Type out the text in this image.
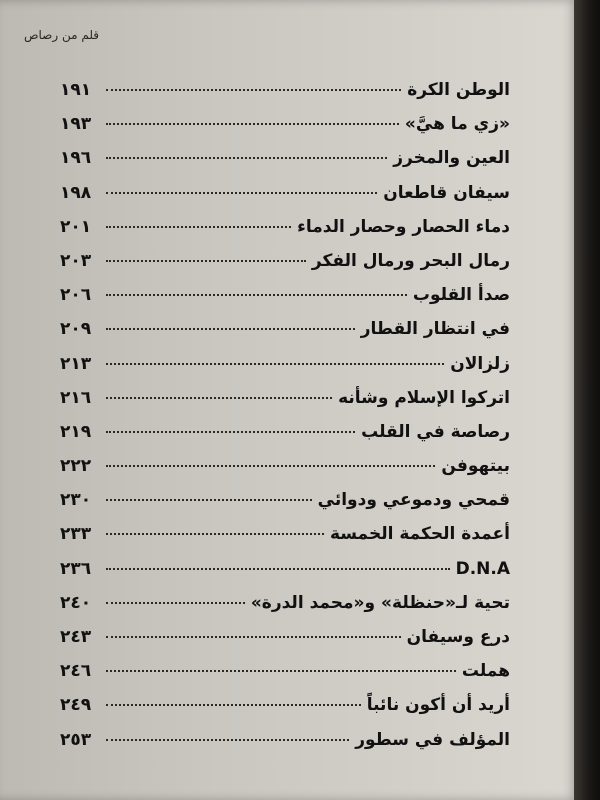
قلم من رصاص
الوطن الكرة
١٩١
«زي ما هيَّ»
١٩٣
العين والمخرز
١٩٦
سيفان قاطعان
١٩٨
دماء الحصار وحصار الدماء
٢٠١
رمال البحر ورمال الفكر
٢٠٣
صدأ القلوب
٢٠٦
في انتظار القطار
٢٠٩
زلزالان
٢١٣
اتركوا الإسلام وشأنه
٢١٦
رصاصة في القلب
٢١٩
بيتهوفن
٢٢٢
قمحي ودموعي ودوائي
٢٣٠
أعمدة الحكمة الخمسة
٢٣٣
D.N.A
٢٣٦
تحية لـ«حنظلة» و«محمد الدرة»
٢٤٠
درع وسيفان
٢٤٣
هملت
٢٤٦
أريد أن أكون نائباً
٢٤٩
المؤلف في سطور
٢٥٣
